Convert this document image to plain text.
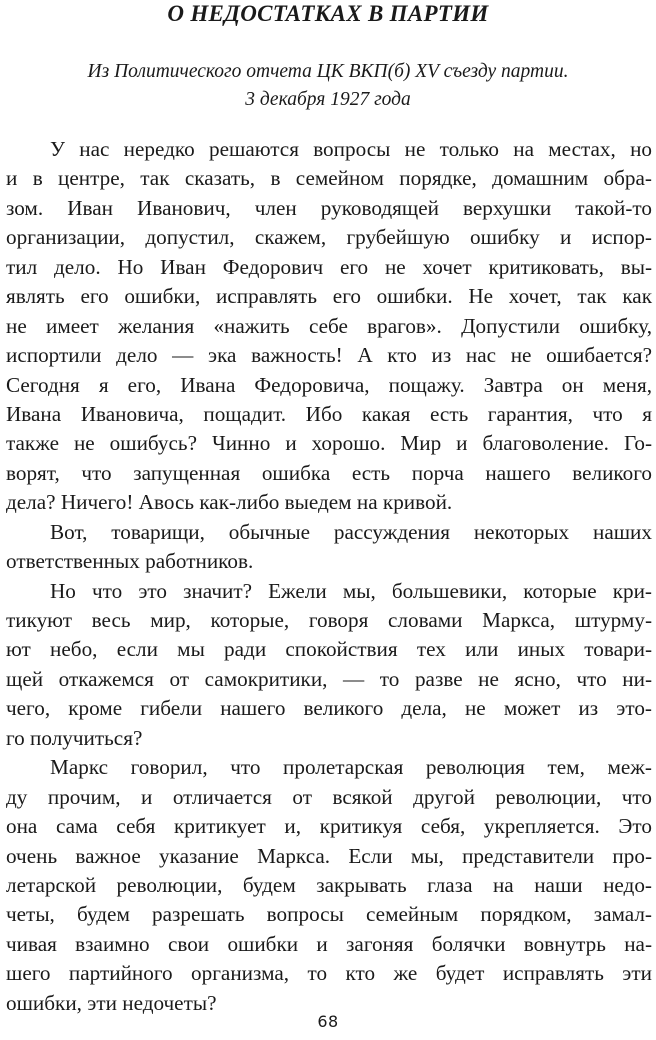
О НЕДОСТАТКАХ В ПАРТИИ
Из Политического отчета ЦК ВКП(б) XV съезду партии.
3 декабря 1927 года
У нас нередко решаются вопросы не только на местах, но
и в центре, так сказать, в семейном порядке, домашним обра-
зом. Иван Иванович, член руководящей верхушки такой-то
организации, допустил, скажем, грубейшую ошибку и испор-
тил дело. Но Иван Федорович его не хочет критиковать, вы-
являть его ошибки, исправлять его ошибки. Не хочет, так как
не имеет желания «нажить себе врагов». Допустили ошибку,
испортили дело — эка важность! А кто из нас не ошибается?
Сегодня я его, Ивана Федоровича, пощажу. Завтра он меня,
Ивана Ивановича, пощадит. Ибо какая есть гарантия, что я
также не ошибусь? Чинно и хорошо. Мир и благоволение. Го-
ворят, что запущенная ошибка есть порча нашего великого
дела? Ничего! Авось как-либо выедем на кривой.
Вот, товарищи, обычные рассуждения некоторых наших
ответственных работников.
Но что это значит? Ежели мы, большевики, которые кри-
тикуют весь мир, которые, говоря словами Маркса, штурму-
ют небо, если мы ради спокойствия тех или иных товари-
щей откажемся от самокритики, — то разве не ясно, что ни-
чего, кроме гибели нашего великого дела, не может из это-
го получиться?
Маркс говорил, что пролетарская революция тем, меж-
ду прочим, и отличается от всякой другой революции, что
она сама себя критикует и, критикуя себя, укрепляется. Это
очень важное указание Маркса. Если мы, представители про-
летарской революции, будем закрывать глаза на наши недо-
четы, будем разрешать вопросы семейным порядком, замал-
чивая взаимно свои ошибки и загоняя болячки вовнутрь на-
шего партийного организма, то кто же будет исправлять эти
ошибки, эти недочеты?
68
